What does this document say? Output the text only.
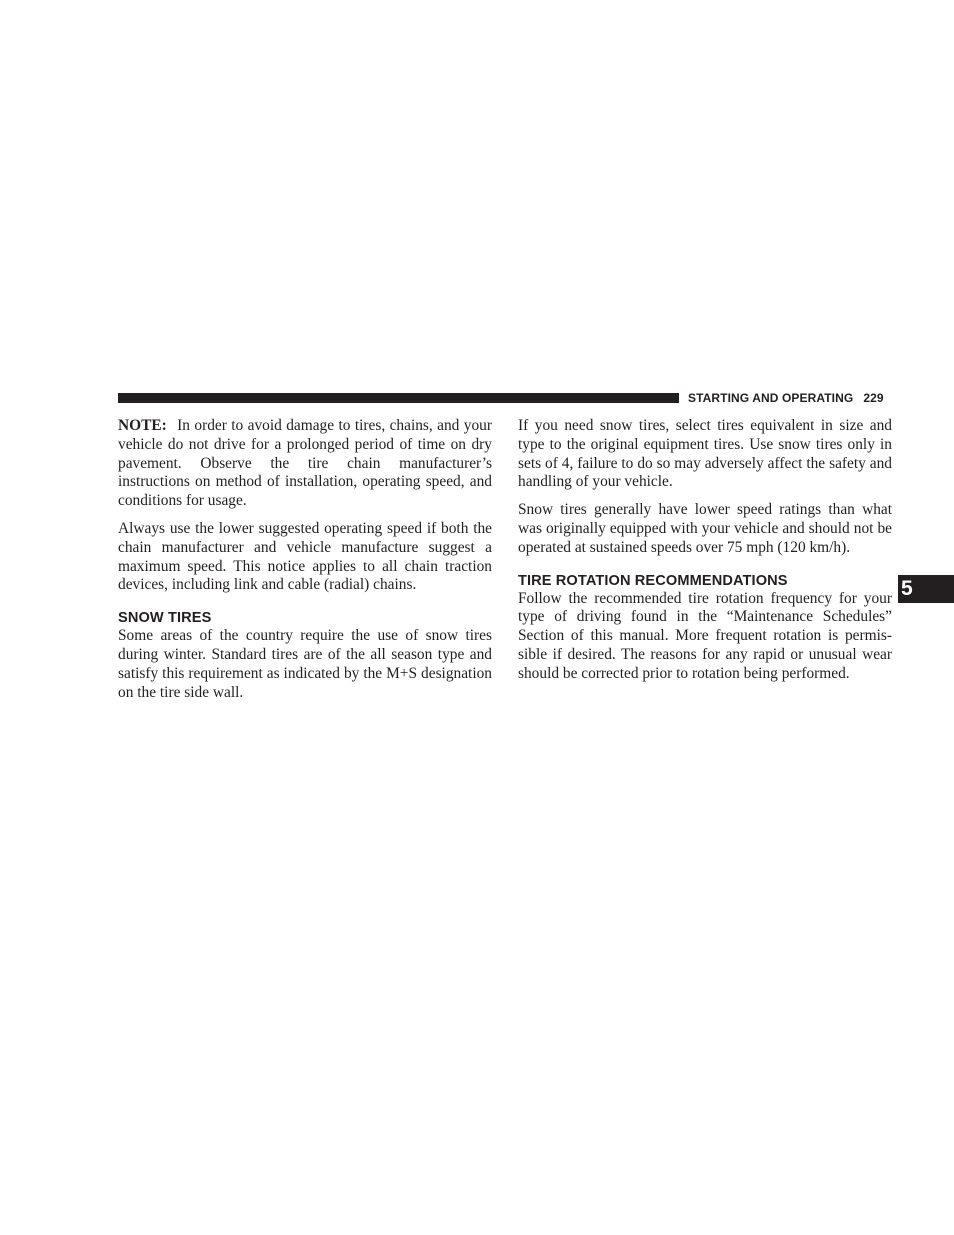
STARTING AND OPERATING 229

NOTE: In order to avoid damage to tires, chains, and your vehicle do not drive for a prolonged period of time on dry pavement. Observe the tire chain manufacturer’s instructions on method of installation, operating speed, and conditions for usage.

Always use the lower suggested operating speed if both the chain manufacturer and vehicle manufacture suggest a maximum speed. This notice applies to all chain traction devices, including link and cable (radial) chains.

SNOW TIRES

Some areas of the country require the use of snow tires during winter. Standard tires are of the all season type and satisfy this requirement as indicated by the M+S designation on the tire side wall.

If you need snow tires, select tires equivalent in size and type to the original equipment tires. Use snow tires only in sets of 4, failure to do so may adversely affect the safety and handling of your vehicle.

Snow tires generally have lower speed ratings than what was originally equipped with your vehicle and should not be operated at sustained speeds over 75 mph (120 km/h).

TIRE ROTATION RECOMMENDATIONS

Follow the recommended tire rotation frequency for your type of driving found in the “Maintenance Schedules” Section of this manual. More frequent rotation is permissible if desired. The reasons for any rapid or unusual wear should be corrected prior to rotation being performed.

5
